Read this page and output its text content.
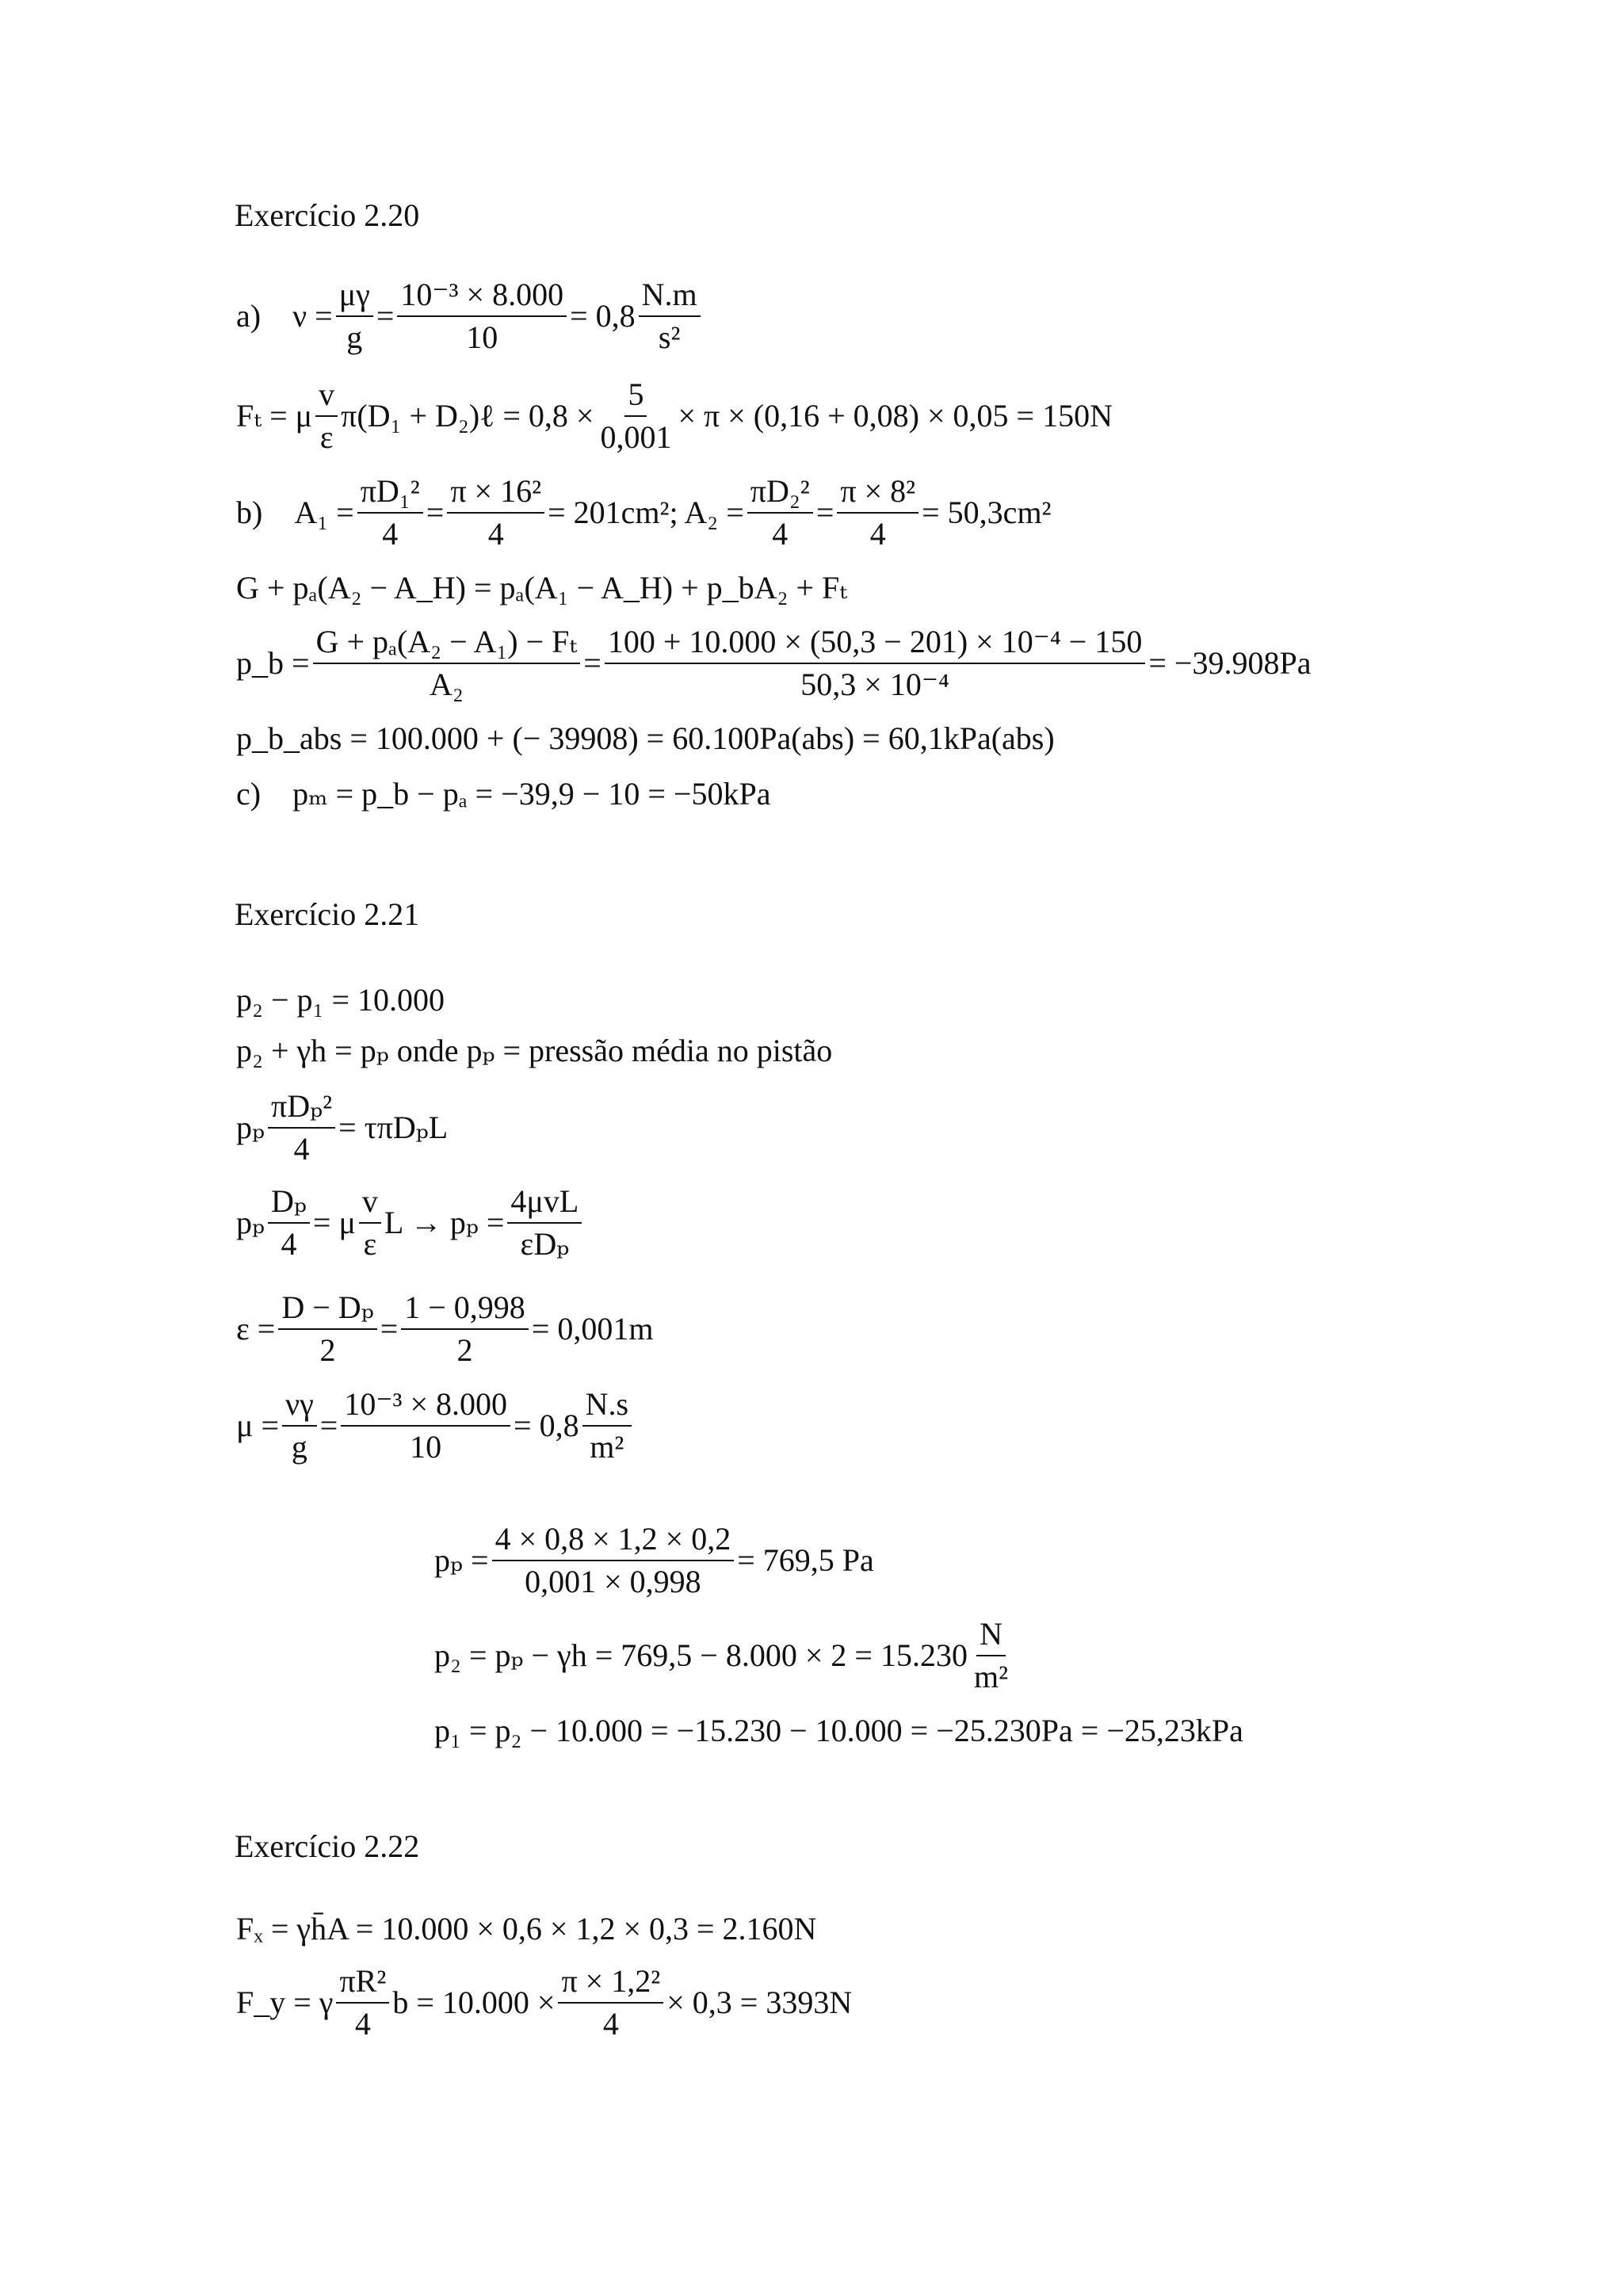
Exercício 2.20
a) $\nu = \frac{\mu\gamma}{g} = \frac{\text{10⁻³ × 8.000}}{10} = 0,8 \frac{N.m}{\text{s²}}$
Fₜ = μ $\frac{v}{\varepsilon} \pi(D_1$ + D₂)ℓ = $0,8 \times \frac{5}{0,001} \times \pi \times (0,16 + 0,08) \times 0,05 = 150N$
b) $A_1 = \frac{\text{πD₁²}}{4} = \frac{\text{π × 16²}}{4} = 201cm^2$; $A_2 = \frac{\text{πD₂²}}{4} = \frac{\text{π × 8²}}{4} = 50,3cm^2$
G + pₐ(A₂ − A_H) = pₐ(A₁ − A_H) + p_bA₂ + Fₜ
p_b = $\frac{\text{G + pₐ(A₂ − A₁) − Fₜ}}{\text{A₂}} = \frac{\text{100 + 10.000 × (50,3 − 201) × 10⁻⁴ − 150}}{\text{50,3 × 10⁻⁴}} = -39.908Pa$
p_b_abs = 100.000 + (− 39908) = 60.100Pa(abs) = 60,1kPa(abs)
c) pₘ = p_b − pₐ = −39,9 − 10 = −50kPa
Exercício 2.21
p₂ − p₁ = 10.000
p₂ + γh = pₚ onde pₚ = pressão média no pistão
pₚ $\frac{\text{πDₚ²}}{4} = \tau\pi D_pL$
pₚ $\frac{\text{Dₚ}}{4} = \mu \frac{v}{\varepsilon}$ $L \to p_p = \frac{\text{4μvL}}{\text{εDₚ}}$
$\varepsilon = \frac{\text{D − Dₚ}}{2} = \frac{1 - 0,998}{2} = 0,001m$
$\mu = \frac{\nu\gamma}{g} = \frac{\text{10⁻³ × 8.000}}{10} = 0,8 \frac{N.s}{\text{m²}}$
$p_p = \frac{4 \times 0,8 \times 1,2 \times 0,2}{0,001 \times 0,998} = 769,5$ Pa
$p_2 = p_p - \gamma h = 769,5 - 8.000 \times 2 = 15.230 \frac{N}{\text{m²}}$
p₁ = p₂ − 10.000 = −15.230 − 10.000 = −25.230Pa = −25,23kPa
Exercício 2.22
Fₓ = γh̄A = 10.000 × 0,6 × 1,2 × 0,3 = 2.160N
F_y = γ $\frac{\text{πR²}}{4}$ $b = 10.000 \times \frac{\text{π × 1,2²}}{4} \times 0,3 = 3393N$
